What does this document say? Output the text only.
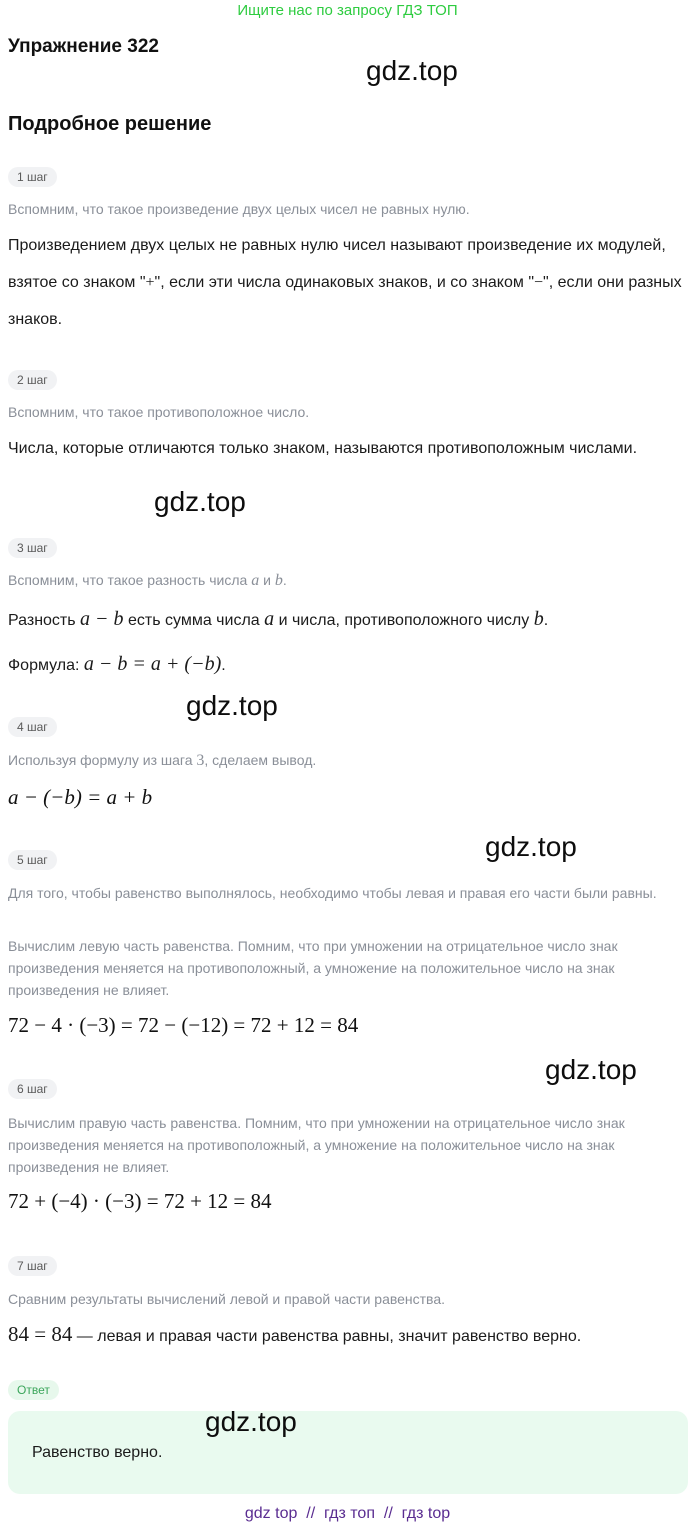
Ищите нас по запросу ГДЗ ТОП
Упражнение 322
gdz.top
Подробное решение
1 шаг
Вспомним, что такое произведение двух целых чисел не равных нулю.
Произведением двух целых не равных нулю чисел называют произведение их модулей, взятое со знаком "+", если эти числа одинаковых знаков, и со знаком "−", если они разных знаков.
2 шаг
Вспомним, что такое противоположное число.
Числа, которые отличаются только знаком, называются противоположным числами.
gdz.top
3 шаг
Вспомним, что такое разность числа a и b.
Разность a − b есть сумма числа a и числа, противоположного числу b.
Формула: a − b = a + (−b).
gdz.top
4 шаг
Используя формулу из шага 3, сделаем вывод.
a − (−b) = a + b
gdz.top
5 шаг
Для того, чтобы равенство выполнялось, необходимо чтобы левая и правая его части были равны.
Вычислим левую часть равенства. Помним, что при умножении на отрицательное число знак произведения меняется на противоположный, а умножение на положительное число на знак произведения не влияет.
72 − 4 · (−3) = 72 − (−12) = 72 + 12 = 84
gdz.top
6 шаг
Вычислим правую часть равенства. Помним, что при умножении на отрицательное число знак произведения меняется на противоположный, а умножение на положительное число на знак произведения не влияет.
72 + (−4) · (−3) = 72 + 12 = 84
7 шаг
Сравним результаты вычислений левой и правой части равенства.
84 = 84 — левая и правая части равенства равны, значит равенство верно.
Ответ
Равенство верно.
gdz.top
gdz top  //  гдз топ  //  гдз top
